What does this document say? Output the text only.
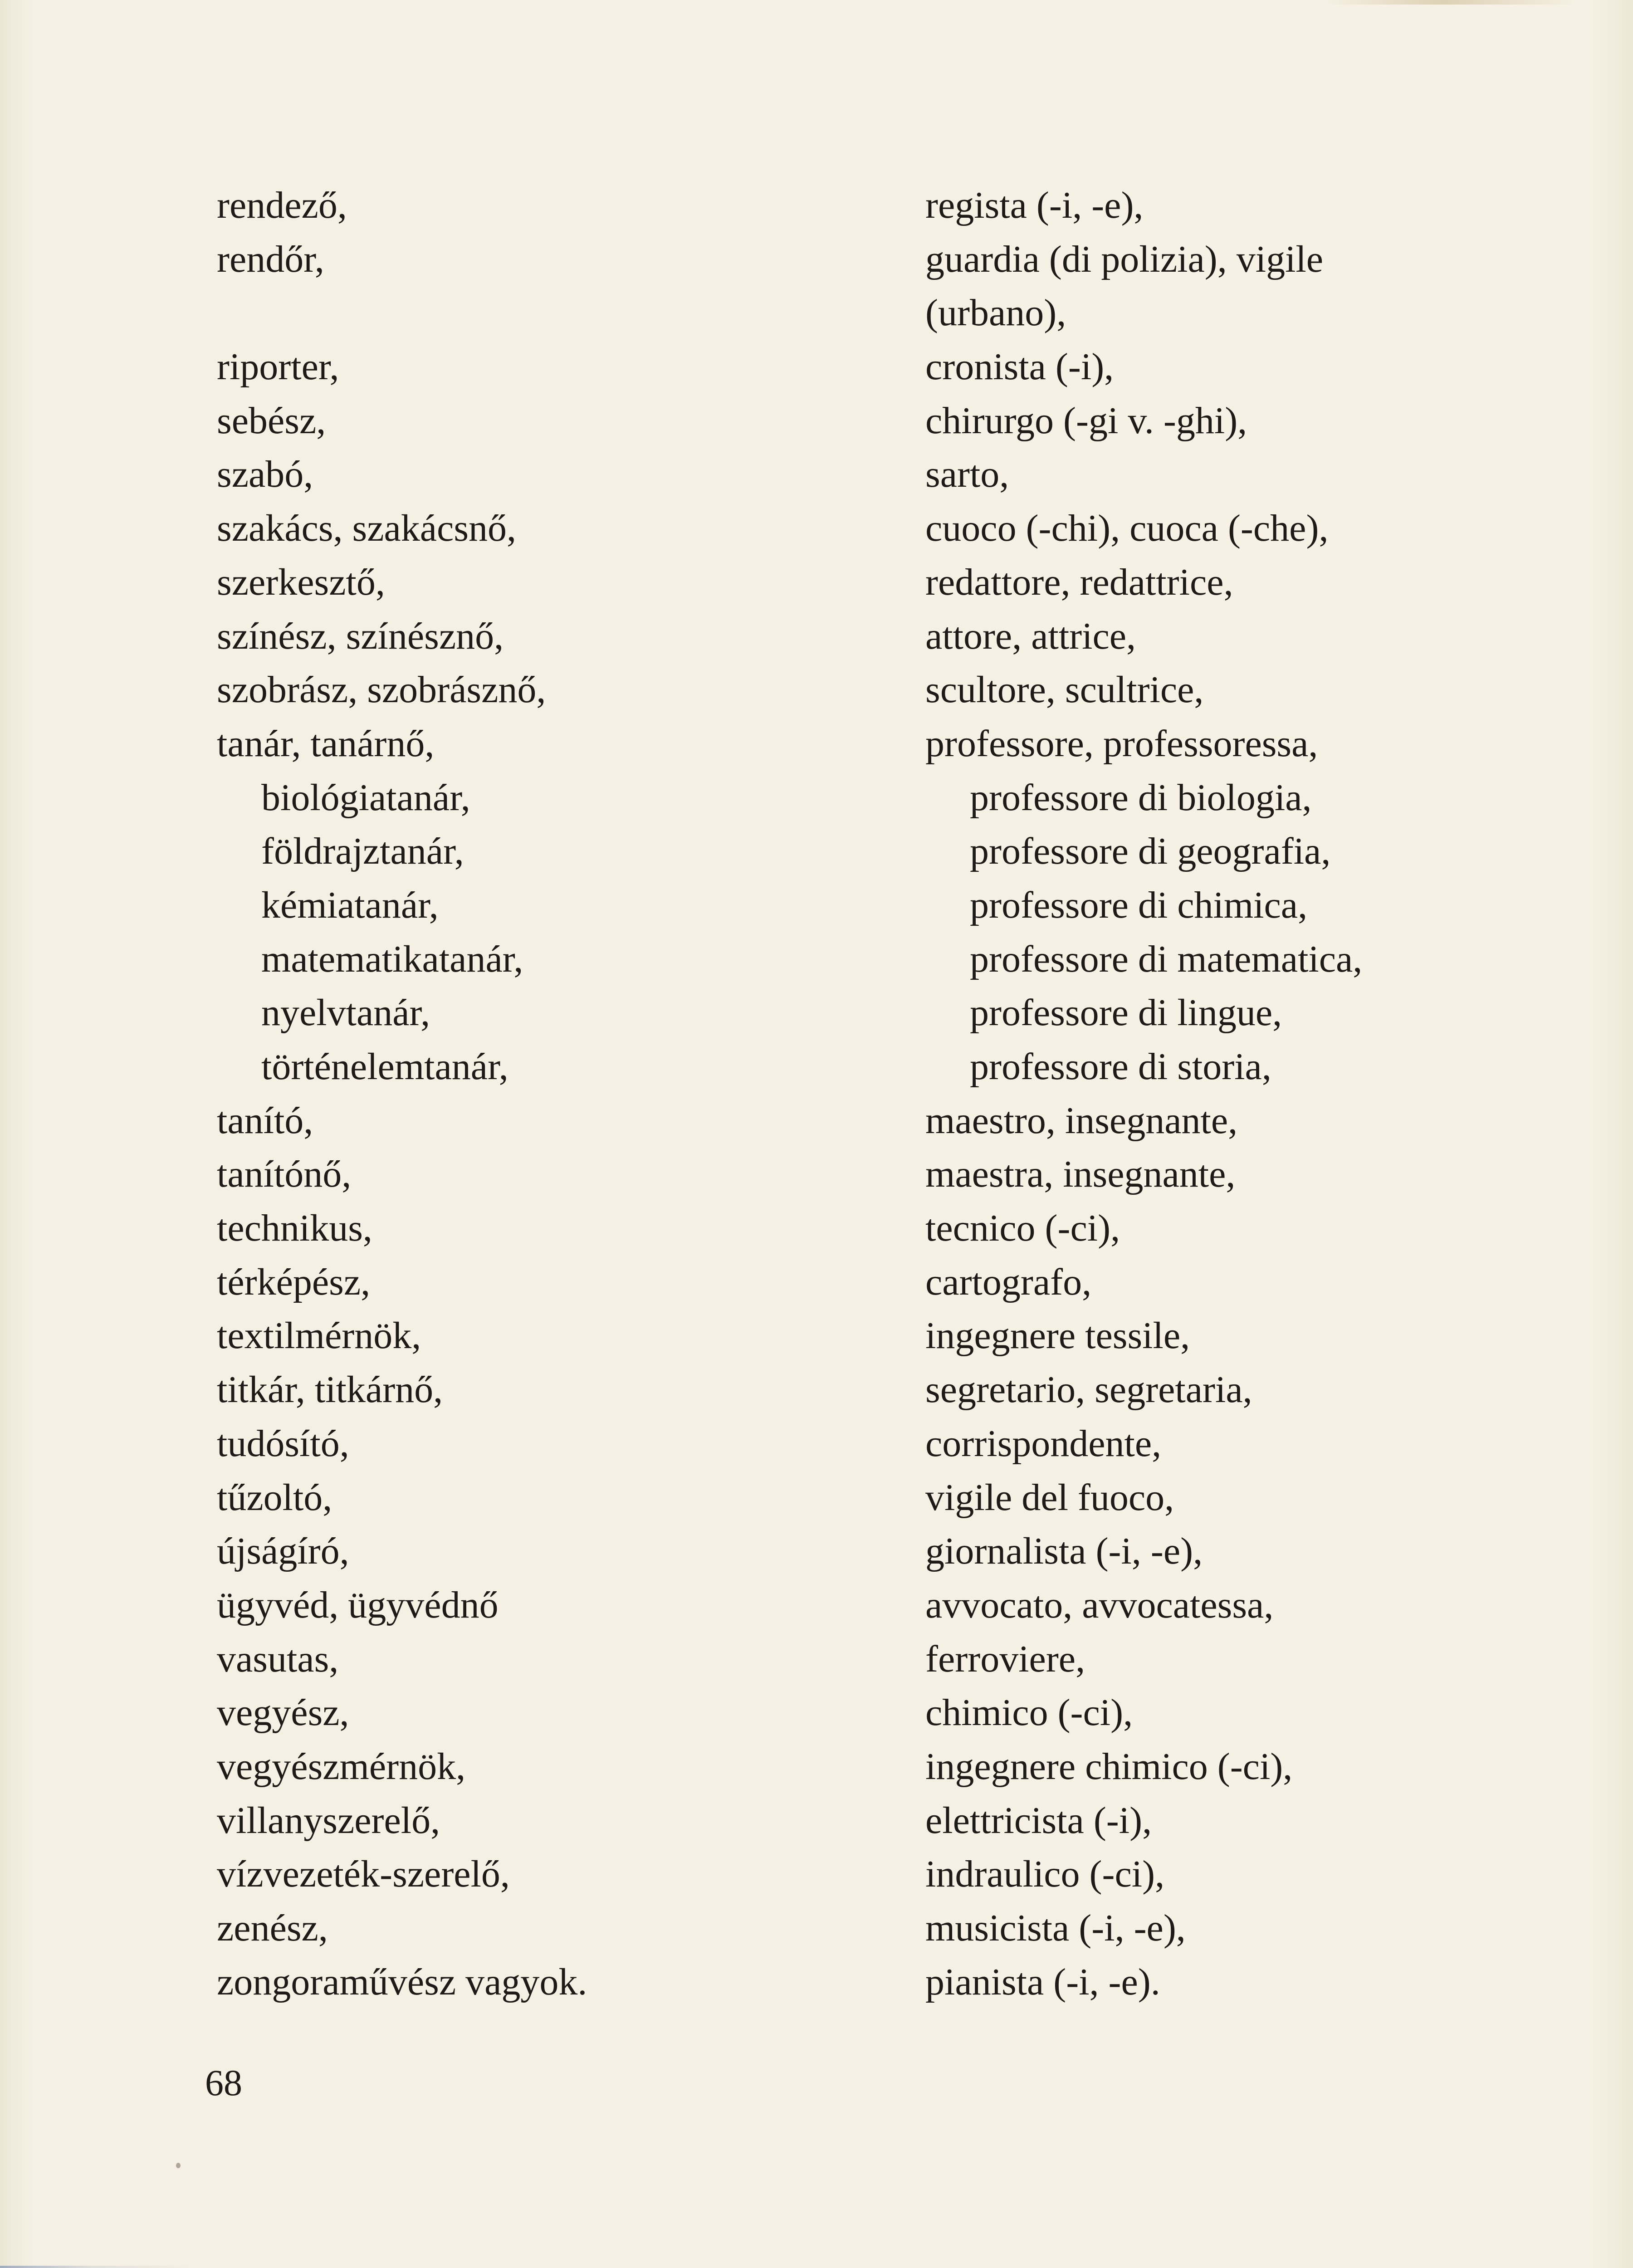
rendező,
rendőr,
riporter,
sebész,
szabó,
szakács, szakácsnő,
szerkesztő,
színész, színésznő,
szobrász, szobrásznő,
tanár, tanárnő,
biológiatanár,
földrajztanár,
kémiatanár,
matematikatanár,
nyelvtanár,
történelemtanár,
tanító,
tanítónő,
technikus,
térképész,
textilmérnök,
titkár, titkárnő,
tudósító,
tűzoltó,
újságíró,
ügyvéd, ügyvédnő
vasutas,
vegyész,
vegyészmérnök,
villanyszerelő,
vízvezeték-szerelő,
zenész,
zongoraművész vagyok.
regista (-i, -e),
guardia (di polizia), vigile
(urbano),
cronista (-i),
chirurgo (-gi v. -ghi),
sarto,
cuoco (-chi), cuoca (-che),
redattore, redattrice,
attore, attrice,
scultore, scultrice,
professore, professoressa,
professore di biologia,
professore di geografia,
professore di chimica,
professore di matematica,
professore di lingue,
professore di storia,
maestro, insegnante,
maestra, insegnante,
tecnico (-ci),
cartografo,
ingegnere tessile,
segretario, segretaria,
corrispondente,
vigile del fuoco,
giornalista (-i, -e),
avvocato, avvocatessa,
ferroviere,
chimico (-ci),
ingegnere chimico (-ci),
elettricista (-i),
indraulico (-ci),
musicista (-i, -e),
pianista (-i, -e).
68
